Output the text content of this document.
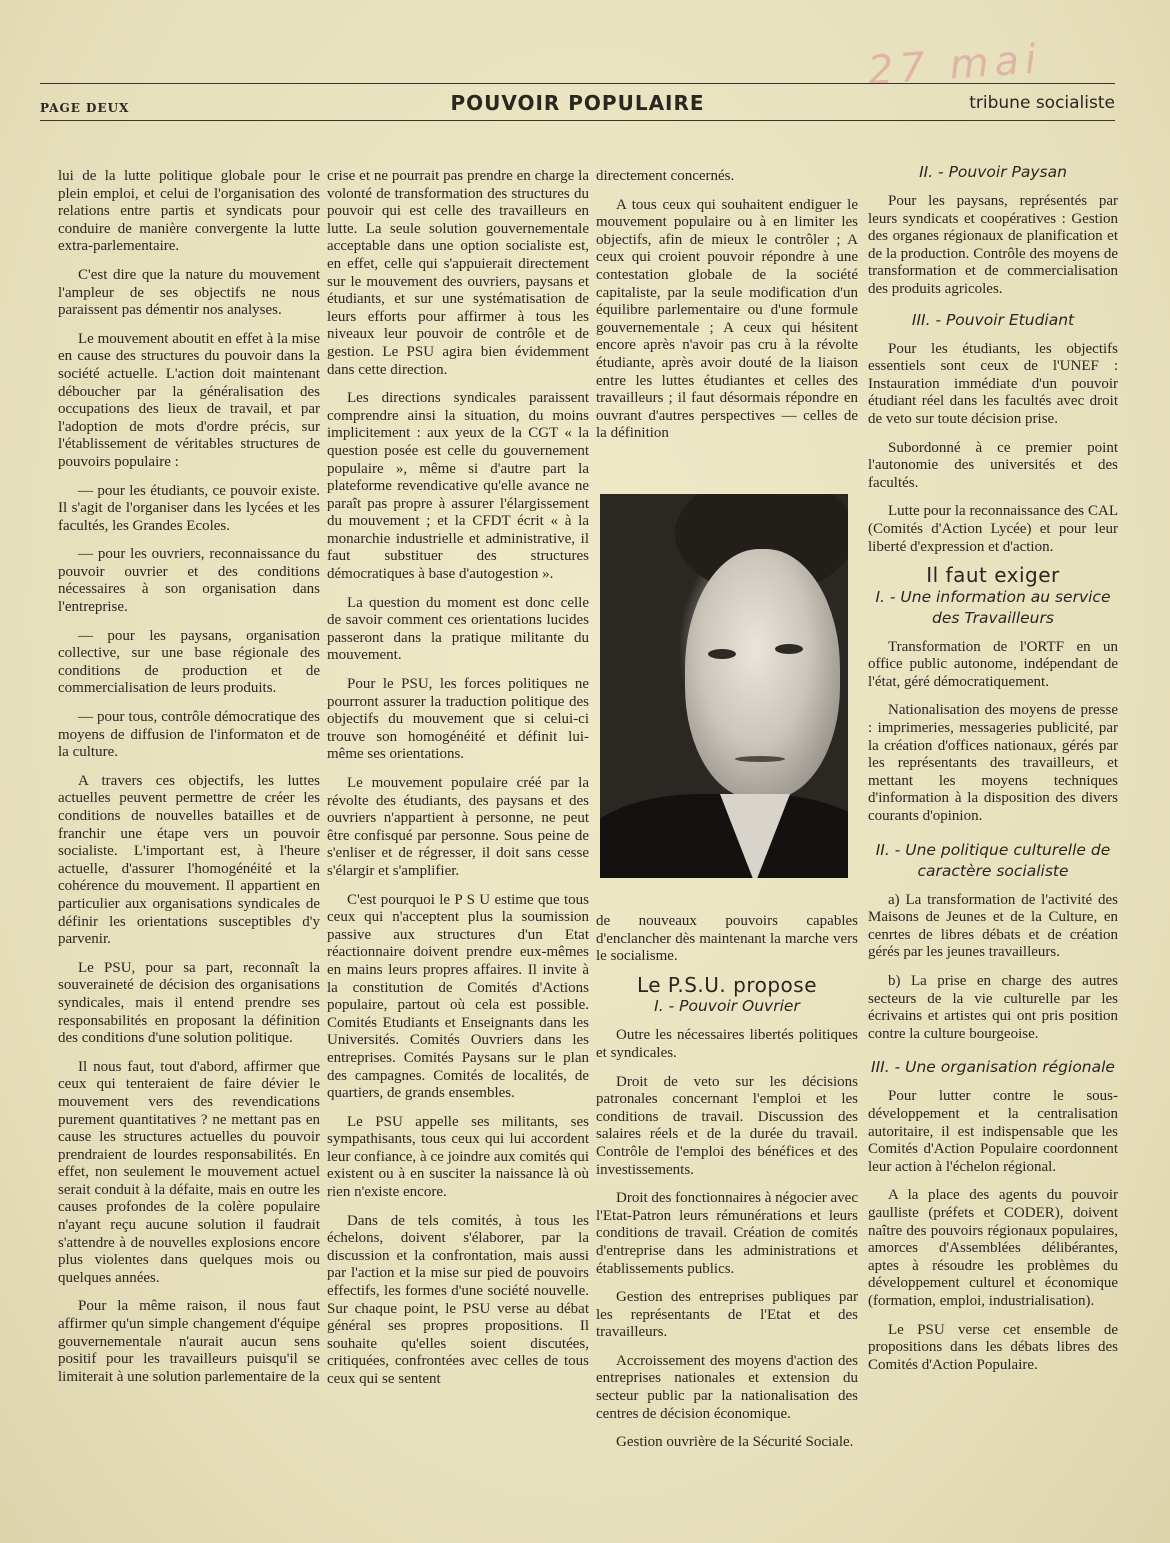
27 mai
PAGE DEUX	POUVOIR POPULAIRE	tribune socialiste

lui de la lutte politique globale pour le plein emploi, et celui de l'organisation des relations entre partis et syndicats pour conduire de manière convergente la lutte extra-parlementaire.

C'est dire que la nature du mouvement l'ampleur de ses objectifs ne nous paraissent pas démentir nos analyses.

Le mouvement aboutit en effet à la mise en cause des structures du pouvoir dans la société actuelle. L'action doit maintenant déboucher par la généralisation des occupations des lieux de travail, et par l'adoption de mots d'ordre précis, sur l'établissement de véritables structures de pouvoirs populaire :

— pour les étudiants, ce pouvoir existe. Il s'agit de l'organiser dans les lycées et les facultés, les Grandes Ecoles.

— pour les ouvriers, reconnaissance du pouvoir ouvrier et des conditions nécessaires à son organisation dans l'entreprise.

— pour les paysans, organisation collective, sur une base régionale des conditions de production et de commercialisation de leurs produits.

— pour tous, contrôle démocratique des moyens de diffusion de l'informaton et de la culture.

A travers ces objectifs, les luttes actuelles peuvent permettre de créer les conditions de nouvelles batailles et de franchir une étape vers un pouvoir socialiste. L'important est, à l'heure actuelle, d'assurer l'homogénéité et la cohérence du mouvement. Il appartient en particulier aux organisations syndicales de définir les orientations susceptibles d'y parvenir.

Le PSU, pour sa part, reconnaît la souveraineté de décision des organisations syndicales, mais il entend prendre ses responsabilités en proposant la définition des conditions d'une solution politique.

Il nous faut, tout d'abord, affirmer que ceux qui tenteraient de faire dévier le mouvement vers des revendications purement quantitatives ? ne mettant pas en cause les structures actuelles du pouvoir prendraient de lourdes responsabilités. En effet, non seulement le mouvement actuel serait conduit à la défaite, mais en outre les causes profondes de la colère populaire n'ayant reçu aucune solution il faudrait s'attendre à de nouvelles explosions encore plus violentes dans quelques mois ou quelques années.

Pour la même raison, il nous faut affirmer qu'un simple changement d'équipe gouvernementale n'aurait aucun sens positif pour les travailleurs puisqu'il se limiterait à une solution parlementaire de la

crise et ne pourrait pas prendre en charge la volonté de transformation des structures du pouvoir qui est celle des travailleurs en lutte. La seule solution gouvernementale acceptable dans une option socialiste est, en effet, celle qui s'appuierait directement sur le mouvement des ouvriers, paysans et étudiants, et sur une systématisation de leurs efforts pour affirmer à tous les niveaux leur pouvoir de contrôle et de gestion. Le PSU agira bien évidemment dans cette direction.

Les directions syndicales paraissent comprendre ainsi la situation, du moins implicitement : aux yeux de la CGT « la question posée est celle du gouvernement populaire », même si d'autre part la plateforme revendicative qu'elle avance ne paraît pas propre à assurer l'élargissement du mouvement ; et la CFDT écrit « à la monarchie industrielle et administrative, il faut substituer des structures démocratiques à base d'autogestion ».

La question du moment est donc celle de savoir comment ces orientations lucides passeront dans la pratique militante du mouvement.

Pour le PSU, les forces politiques ne pourront assurer la traduction politique des objectifs du mouvement que si celui-ci trouve son homogénéité et définit lui-même ses orientations.

Le mouvement populaire créé par la révolte des étudiants, des paysans et des ouvriers n'appartient à personne, ne peut être confisqué par personne. Sous peine de s'enliser et de régresser, il doit sans cesse s'élargir et s'amplifier.

C'est pourquoi le P S U estime que tous ceux qui n'acceptent plus la soumission passive aux structures d'un Etat réactionnaire doivent prendre eux-mêmes en mains leurs propres affaires. Il invite à la constitution de Comités d'Actions populaire, partout où cela est possible. Comités Etudiants et Enseignants dans les Universités. Comités Ouvriers dans les entreprises. Comités Paysans sur le plan des campagnes. Comités de localités, de quartiers, de grands ensembles.

Le PSU appelle ses militants, ses sympathisants, tous ceux qui lui accordent leur confiance, à ce joindre aux comités qui existent ou à en susciter la naissance là où rien n'existe encore.

Dans de tels comités, à tous les échelons, doivent s'élaborer, par la discussion et la confrontation, mais aussi par l'action et la mise sur pied de pouvoirs effectifs, les formes d'une société nouvelle. Sur chaque point, le PSU verse au débat général ses propres propositions. Il souhaite qu'elles soient discutées, critiquées, confrontées avec celles de tous ceux qui se sentent

directement concernés.

A tous ceux qui souhaitent endiguer le mouvement populaire ou à en limiter les objectifs, afin de mieux le contrôler ; A ceux qui croient pouvoir répondre à une contestation globale de la société capitaliste, par la seule modification d'un équilibre parlementaire ou d'une formule gouvernementale ; A ceux qui hésitent encore après n'avoir pas cru à la révolte étudiante, après avoir douté de la liaison entre les luttes étudiantes et celles des travailleurs ; il faut désormais répondre en ouvrant d'autres perspectives — celles de la définition

de nouveaux pouvoirs capables d'enclancher dès maintenant la marche vers le socialisme.

Le P.S.U. propose
I. - Pouvoir Ouvrier

Outre les nécessaires libertés politiques et syndicales.

Droit de veto sur les décisions patronales concernant l'emploi et les conditions de travail. Discussion des salaires réels et de la durée du travail. Contrôle de l'emploi des bénéfices et des investissements.

Droit des fonctionnaires à négocier avec l'Etat-Patron leurs rémunérations et leurs conditions de travail. Création de comités d'entreprise dans les administrations et établissements publics.

Gestion des entreprises publiques par les représentants de l'Etat et des travailleurs.

Accroissement des moyens d'action des entreprises nationales et extension du secteur public par la nationalisation des centres de décision économique.

Gestion ouvrière de la Sécurité Sociale.

II. - Pouvoir Paysan

Pour les paysans, représentés par leurs syndicats et coopératives : Gestion des organes régionaux de planification et de la production. Contrôle des moyens de transformation et de commercialisation des produits agricoles.

III. - Pouvoir Etudiant

Pour les étudiants, les objectifs essentiels sont ceux de l'UNEF : Instauration immédiate d'un pouvoir étudiant réel dans les facultés avec droit de veto sur toute décision prise.

Subordonné à ce premier point l'autonomie des universités et des facultés.

Lutte pour la reconnaissance des CAL (Comités d'Action Lycée) et pour leur liberté d'expression et d'action.

Il faut exiger
I. - Une information au service des Travailleurs

Transformation de l'ORTF en un office public autonome, indépendant de l'état, géré démocratiquement.

Nationalisation des moyens de presse : imprimeries, messageries publicité, par la création d'offices nationaux, gérés par les représentants des travailleurs, et mettant les moyens techniques d'information à la disposition des divers courants d'opinion.

II. - Une politique culturelle de caractère socialiste

a) La transformation de l'activité des Maisons de Jeunes et de la Culture, en cenrtes de libres débats et de création gérés par les jeunes travailleurs.

b) La prise en charge des autres secteurs de la vie culturelle par les écrivains et artistes qui ont pris position contre la culture bourgeoise.

III. - Une organisation régionale

Pour lutter contre le sous-développement et la centralisation autoritaire, il est indispensable que les Comités d'Action Populaire coordonnent leur action à l'échelon régional.

A la place des agents du pouvoir gaulliste (préfets et CODER), doivent naître des pouvoirs régionaux populaires, amorces d'Assemblées délibérantes, aptes à résoudre les problèmes du développement culturel et économique (formation, emploi, industrialisation).

Le PSU verse cet ensemble de propositions dans les débats libres des Comités d'Action Populaire.
